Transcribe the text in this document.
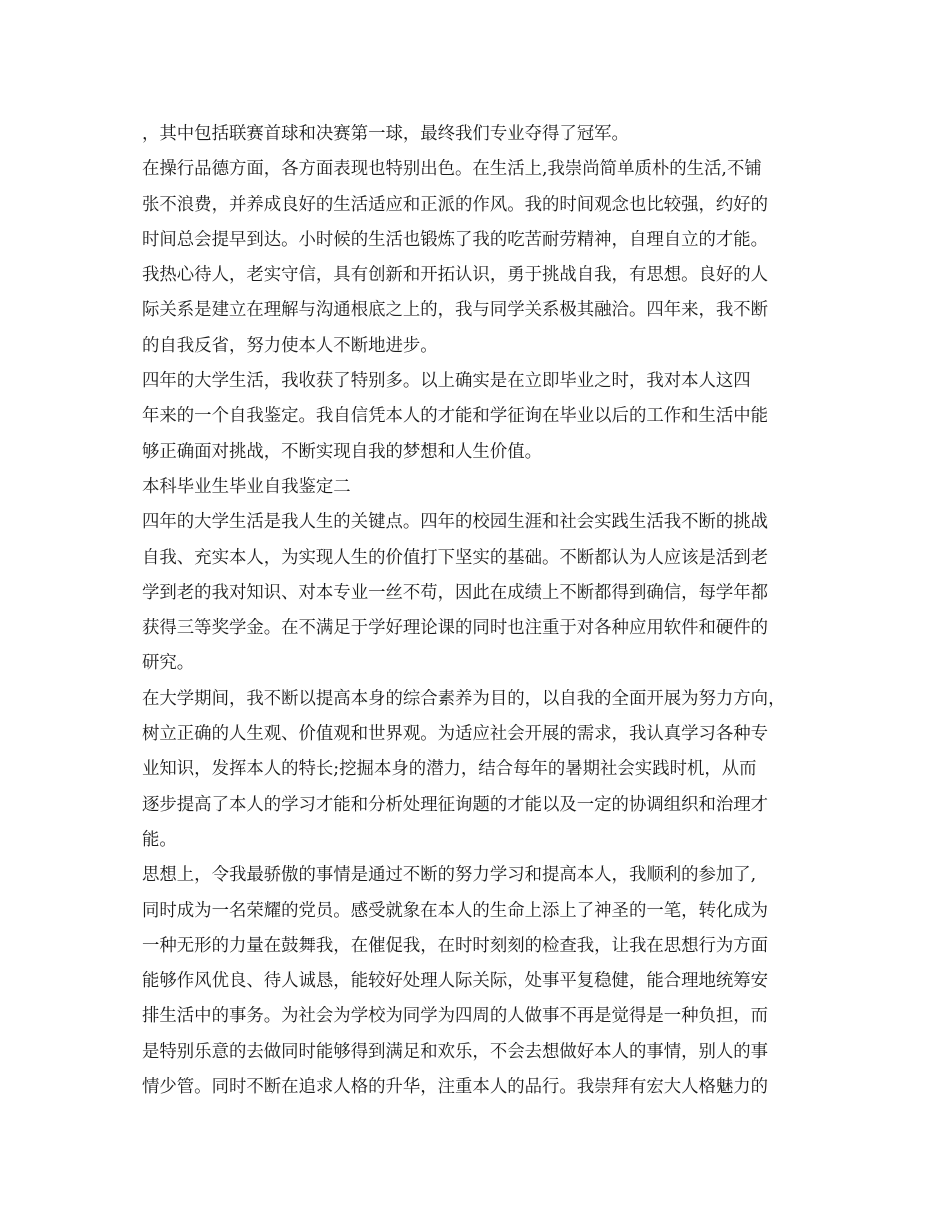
，其中包括联赛首球和决赛第一球，最终我们专业夺得了冠军。
在操行品德方面，各方面表现也特别出色。在生活上,我崇尚简单质朴的生活,不铺
张不浪费，并养成良好的生活适应和正派的作风。我的时间观念也比较强，约好的
时间总会提早到达。小时候的生活也锻炼了我的吃苦耐劳精神，自理自立的才能。
我热心待人，老实守信，具有创新和开拓认识，勇于挑战自我，有思想。良好的人
际关系是建立在理解与沟通根底之上的，我与同学关系极其融洽。四年来，我不断
的自我反省，努力使本人不断地进步。
四年的大学生活，我收获了特别多。以上确实是在立即毕业之时，我对本人这四
年来的一个自我鉴定。我自信凭本人的才能和学征询在毕业以后的工作和生活中能
够正确面对挑战，不断实现自我的梦想和人生价值。
本科毕业生毕业自我鉴定二
四年的大学生活是我人生的关键点。四年的校园生涯和社会实践生活我不断的挑战
自我、充实本人，为实现人生的价值打下坚实的基础。不断都认为人应该是活到老
学到老的我对知识、对本专业一丝不苟，因此在成绩上不断都得到确信，每学年都
获得三等奖学金。在不满足于学好理论课的同时也注重于对各种应用软件和硬件的
研究。
在大学期间，我不断以提高本身的综合素养为目的，以自我的全面开展为努力方向，
树立正确的人生观、价值观和世界观。为适应社会开展的需求，我认真学习各种专
业知识，发挥本人的特长;挖掘本身的潜力，结合每年的暑期社会实践时机，从而
逐步提高了本人的学习才能和分析处理征询题的才能以及一定的协调组织和治理才
能。
思想上，令我最骄傲的事情是通过不断的努力学习和提高本人，我顺利的参加了,
同时成为一名荣耀的党员。感受就象在本人的生命上添上了神圣的一笔，转化成为
一种无形的力量在鼓舞我，在催促我，在时时刻刻的检查我，让我在思想行为方面
能够作风优良、待人诚恳，能较好处理人际关际，处事平复稳健，能合理地统筹安
排生活中的事务。为社会为学校为同学为四周的人做事不再是觉得是一种负担，而
是特别乐意的去做同时能够得到满足和欢乐，不会去想做好本人的事情，别人的事
情少管。同时不断在追求人格的升华，注重本人的品行。我崇拜有宏大人格魅力的
